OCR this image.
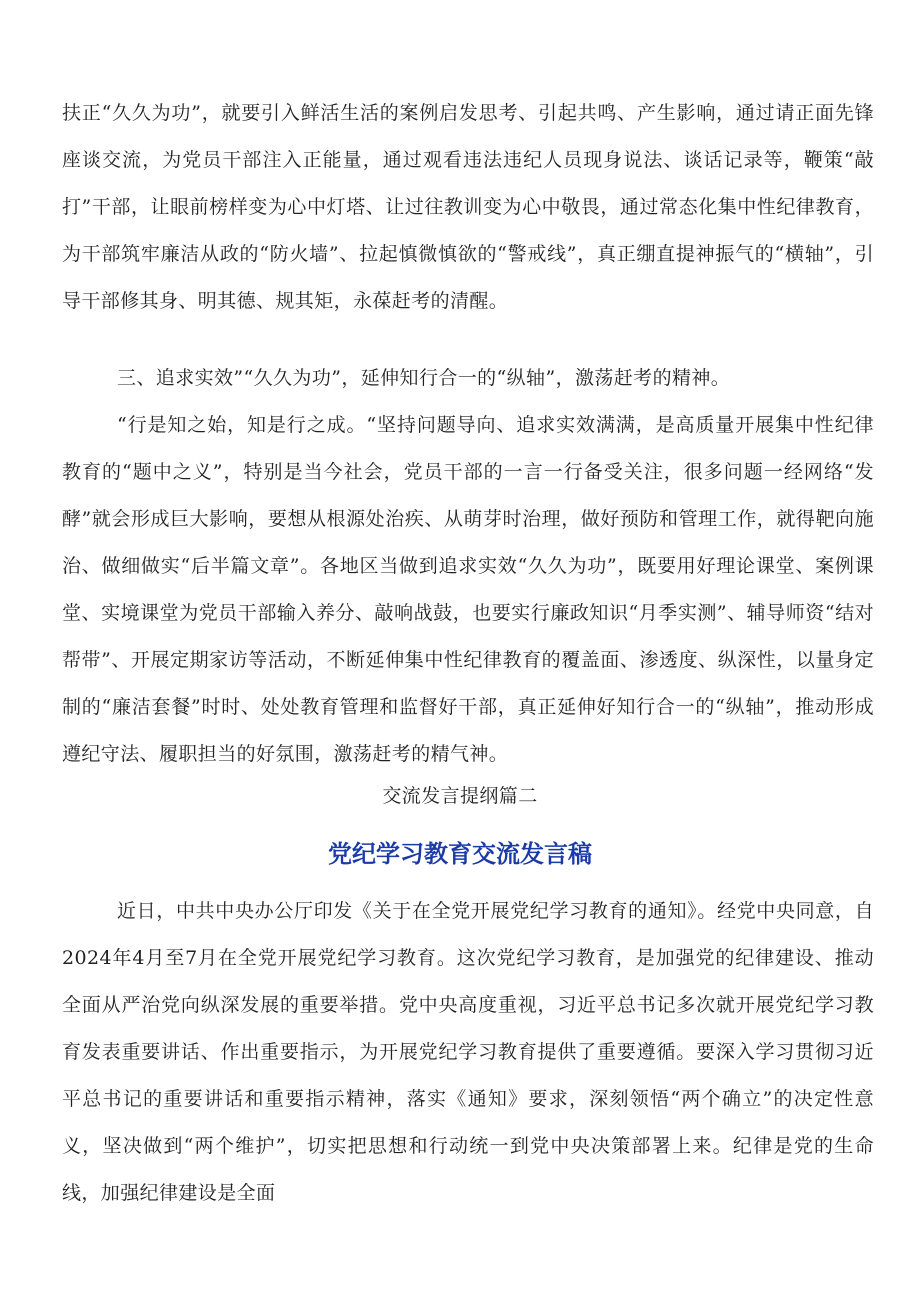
扶正“久久为功”，就要引入鲜活生活的案例启发思考、引起共鸣、产生影响，通过请正面先锋座谈交流，为党员干部注入正能量，通过观看违法违纪人员现身说法、谈话记录等，鞭策“敲打”干部，让眼前榜样变为心中灯塔、让过往教训变为心中敬畏，通过常态化集中性纪律教育，为干部筑牢廉洁从政的“防火墙”、拉起慎微慎欲的“警戒线”，真正绷直提神振气的“横轴”，引导干部修其身、明其德、规其矩，永葆赶考的清醒。

三、追求实效”“久久为功”，延伸知行合一的“纵轴”，激荡赶考的精神。

“行是知之始，知是行之成。“坚持问题导向、追求实效满满，是高质量开展集中性纪律教育的“题中之义”，特别是当今社会，党员干部的一言一行备受关注，很多问题一经网络“发酵”就会形成巨大影响，要想从根源处治疾、从萌芽时治理，做好预防和管理工作，就得靶向施治、做细做实“后半篇文章”。各地区当做到追求实效“久久为功”，既要用好理论课堂、案例课堂、实境课堂为党员干部输入养分、敲响战鼓，也要实行廉政知识“月季实测”、辅导师资“结对帮带”、开展定期家访等活动，不断延伸集中性纪律教育的覆盖面、渗透度、纵深性，以量身定制的“廉洁套餐”时时、处处教育管理和监督好干部，真正延伸好知行合一的“纵轴”，推动形成遵纪守法、履职担当的好氛围，激荡赶考的精气神。

交流发言提纲篇二

党纪学习教育交流发言稿

近日，中共中央办公厅印发《关于在全党开展党纪学习教育的通知》。经党中央同意，自2024年4月至7月在全党开展党纪学习教育。这次党纪学习教育，是加强党的纪律建设、推动全面从严治党向纵深发展的重要举措。党中央高度重视，习近平总书记多次就开展党纪学习教育发表重要讲话、作出重要指示，为开展党纪学习教育提供了重要遵循。要深入学习贯彻习近平总书记的重要讲话和重要指示精神，落实《通知》要求，深刻领悟“两个确立”的决定性意义，坚决做到“两个维护”，切实把思想和行动统一到党中央决策部署上来。纪律是党的生命线，加强纪律建设是全面
